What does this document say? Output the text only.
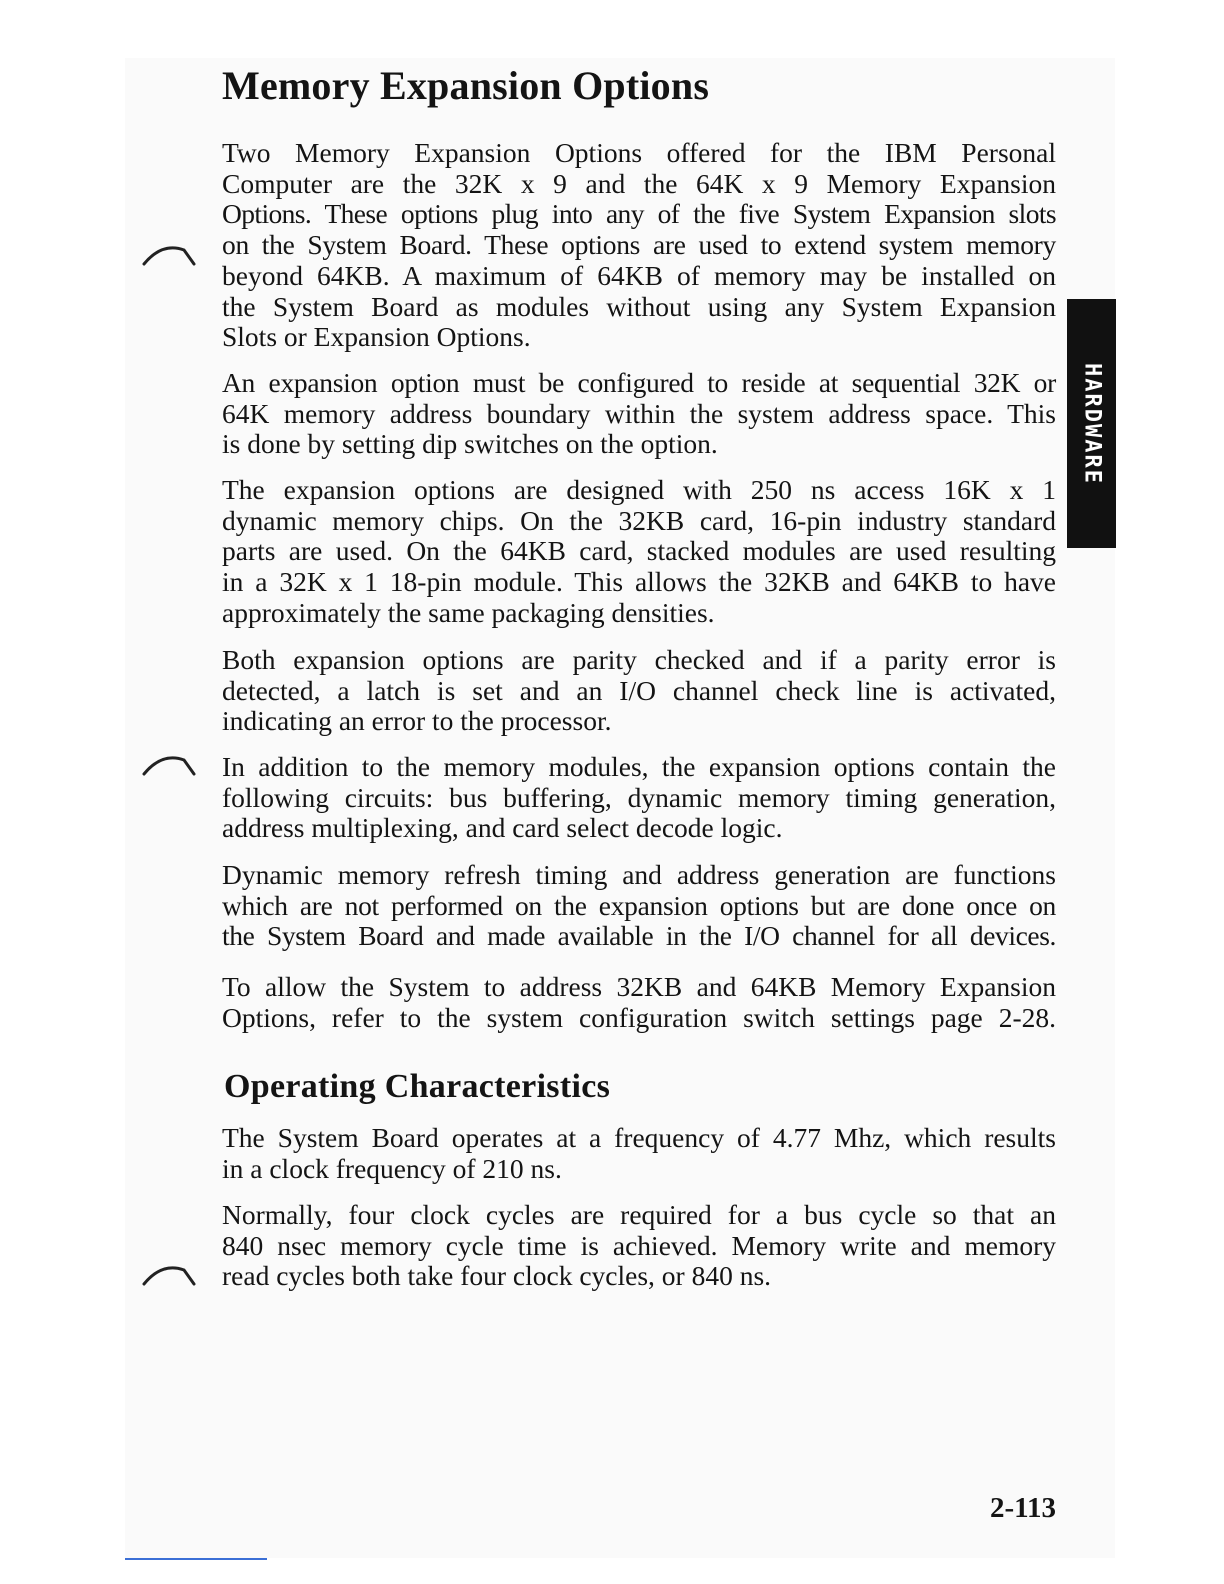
Memory Expansion Options
Two Memory Expansion Options offered for the IBM Personal
Computer are the 32K x 9 and the 64K x 9 Memory Expansion
Options. These options plug into any of the five System Expansion slots
on the System Board. These options are used to extend system memory
beyond 64KB. A maximum of 64KB of memory may be installed on
the System Board as modules without using any System Expansion
Slots or Expansion Options.
An expansion option must be configured to reside at sequential 32K or
64K memory address boundary within the system address space. This
is done by setting dip switches on the option.
The expansion options are designed with 250 ns access 16K x 1
dynamic memory chips. On the 32KB card, 16-pin industry standard
parts are used. On the 64KB card, stacked modules are used resulting
in a 32K x 1 18-pin module. This allows the 32KB and 64KB to have
approximately the same packaging densities.
Both expansion options are parity checked and if a parity error is
detected, a latch is set and an I/O channel check line is activated,
indicating an error to the processor.
In addition to the memory modules, the expansion options contain the
following circuits: bus buffering, dynamic memory timing generation,
address multiplexing, and card select decode logic.
Dynamic memory refresh timing and address generation are functions
which are not performed on the expansion options but are done once on
the System Board and made available in the I/O channel for all devices.
To allow the System to address 32KB and 64KB Memory Expansion
Options, refer to the system configuration switch settings page 2-28.
Operating Characteristics
The System Board operates at a frequency of 4.77 Mhz, which results
in a clock frequency of 210 ns.
Normally, four clock cycles are required for a bus cycle so that an
840 nsec memory cycle time is achieved. Memory write and memory
read cycles both take four clock cycles, or 840 ns.
HARDWARE
2-113
